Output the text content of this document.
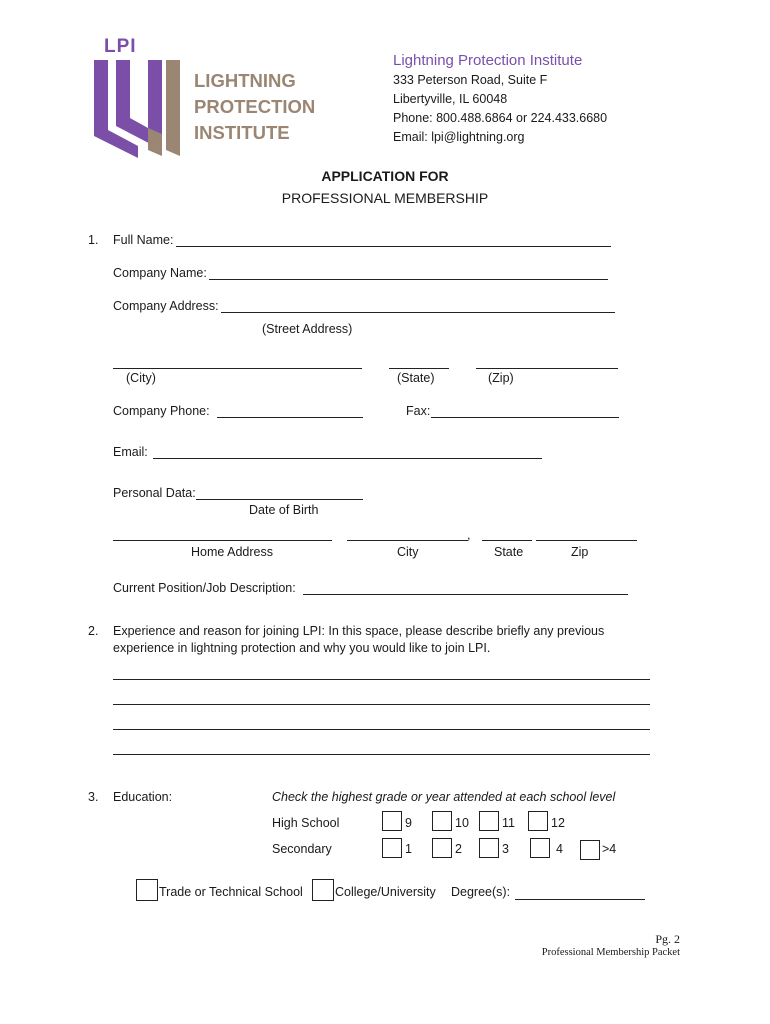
LPI
LIGHTNING
PROTECTION
INSTITUTE
Lightning Protection Institute
333 Peterson Road, Suite F
Libertyville, IL 60048
Phone: 800.488.6864 or 224.433.6680
Email: lpi@lightning.org
APPLICATION FOR
PROFESSIONAL MEMBERSHIP
1. Full Name:
Company Name:
Company Address:
(Street Address)
(City)	(State)	(Zip)
Company Phone:	Fax:
Email:
Personal Data:
Date of Birth
,
Home Address	City	State	Zip
Current Position/Job Description:
2. Experience and reason for joining LPI: In this space, please describe briefly any previous
experience in lightning protection and why you would like to join LPI.
3. Education:	Check the highest grade or year attended at each school level
High School	9	10	11	12
Secondary	1	2	3	4	>4
Trade or Technical School	College/University Degree(s):
Pg. 2
Professional Membership Packet
